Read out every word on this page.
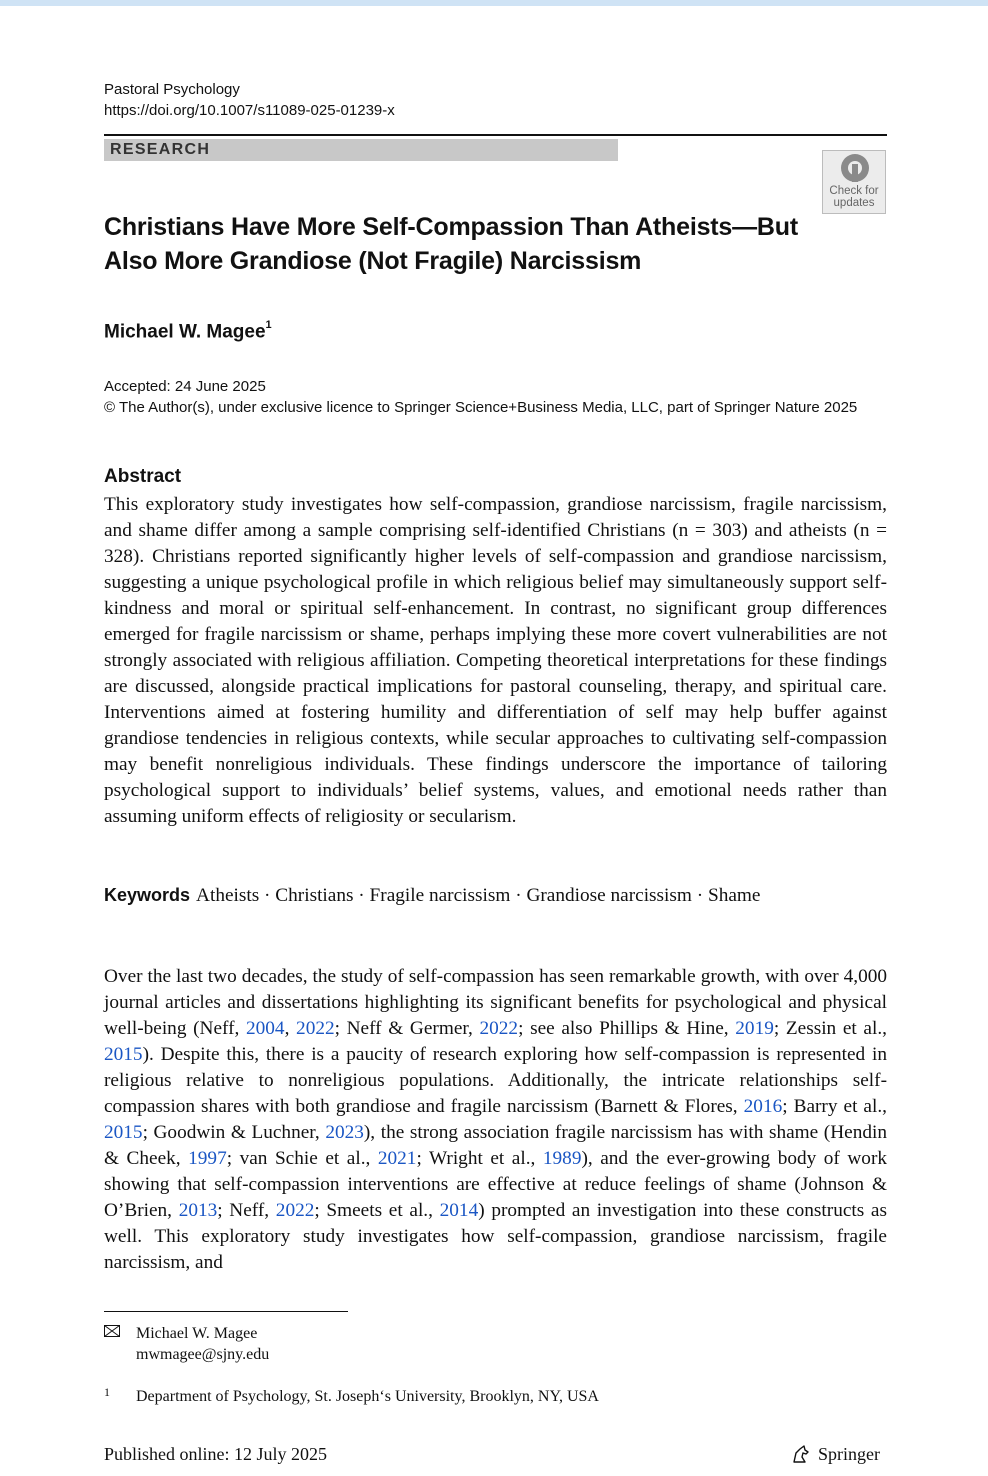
Pastoral Psychology
https://doi.org/10.1007/s11089-025-01239-x
RESEARCH
Check for
updates
Christians Have More Self-Compassion Than Atheists—But
Also More Grandiose (Not Fragile) Narcissism
Michael W. Magee$^1$
Accepted: 24 June 2025
© The Author(s), under exclusive licence to Springer Science+Business Media, LLC, part of Springer Nature 2025
Abstract
This exploratory study investigates how self-compassion, grandiose narcissism, fragile narcissism, and shame differ among a sample comprising self-identified Christians (n = 303) and atheists (n = 328). Christians reported significantly higher levels of self-compassion and grandiose narcissism, suggesting a unique psychological profile in which religious belief may simultaneously support self-kindness and moral or spiritual self-enhancement. In contrast, no significant group differences emerged for fragile narcissism or shame, perhaps implying these more covert vulnerabilities are not strongly associated with religious affiliation. Competing theoretical interpretations for these findings are discussed, alongside practical implications for pastoral counseling, therapy, and spiritual care. Interventions aimed at fostering humility and differentiation of self may help buffer against grandiose tendencies in religious contexts, while secular approaches to cultivating self-compassion may benefit nonreligious individuals. These findings underscore the importance of tailoring psychological support to individuals’ belief systems, values, and emotional needs rather than assuming uniform effects of religiosity or secularism.
Keywords Atheists · Christians · Fragile narcissism · Grandiose narcissism · Shame
Over the last two decades, the study of self-compassion has seen remarkable growth, with over 4,000 journal articles and dissertations highlighting its significant benefits for psychological and physical well-being (Neff, 2004, 2022; Neff & Germer, 2022; see also Phillips & Hine, 2019; Zessin et al., 2015). Despite this, there is a paucity of research exploring how self-compassion is represented in religious relative to nonreligious populations. Additionally, the intricate relationships self-compassion shares with both grandiose and fragile narcissism (Barnett & Flores, 2016; Barry et al., 2015; Goodwin & Luchner, 2023), the strong association fragile narcissism has with shame (Hendin & Cheek, 1997; van Schie et al., 2021; Wright et al., 1989), and the ever-growing body of work showing that self-compassion interventions are effective at reduce feelings of shame (Johnson & O’Brien, 2013; Neff, 2022; Smeets et al., 2014) prompted an investigation into these constructs as well. This exploratory study investigates how self-compassion, grandiose narcissism, fragile narcissism, and
Michael W. Magee
mwmagee@sjny.edu
1 Department of Psychology, St. Joseph‘s University, Brooklyn, NY, USA
Published online: 12 July 2025	Springer
